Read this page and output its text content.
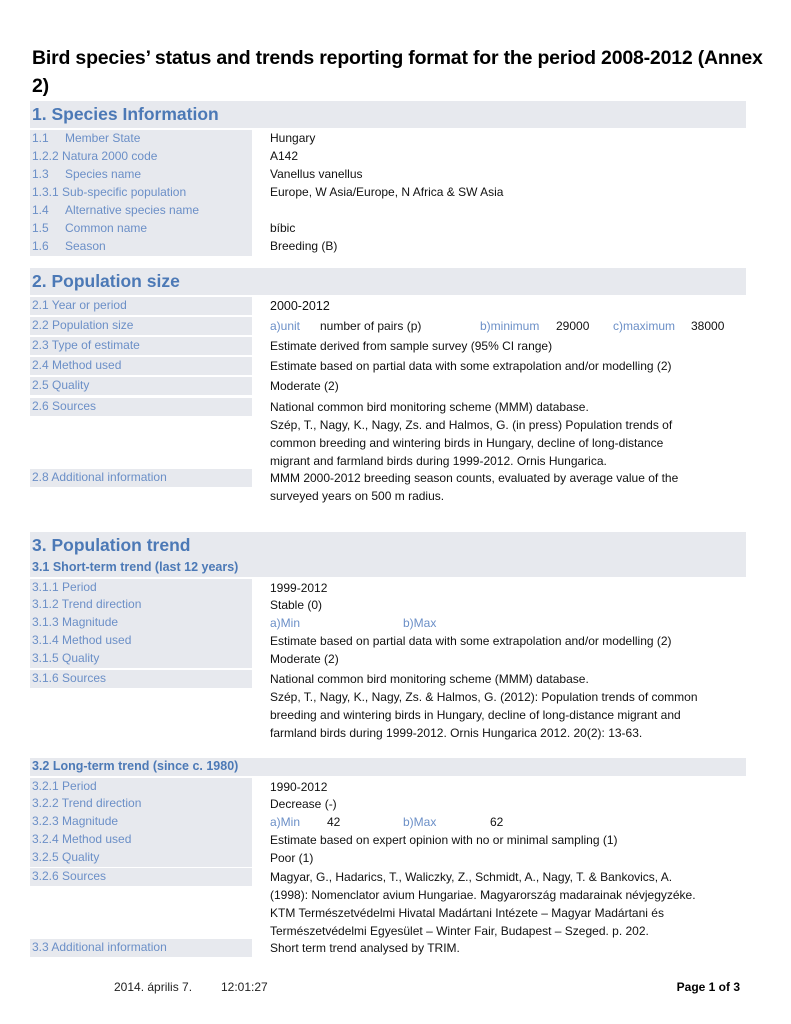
Bird species’ status and trends reporting format for the period 2008-2012 (Annex 2)
1. Species Information
1.1 Member State	Hungary
1.2.2 Natura 2000 code	A142
1.3 Species name	Vanellus vanellus
1.3.1 Sub-specific population	Europe, W Asia/Europe, N Africa & SW Asia
1.4 Alternative species name
1.5 Common name	bíbic
1.6 Season	Breeding (B)
2. Population size
2.1 Year or period	2000-2012
2.2 Population size	a)unit number of pairs (p)	b)minimum 29000 c)maximum 38000
2.3 Type of estimate	Estimate derived from sample survey (95% CI range)
2.4 Method used	Estimate based on partial data with some extrapolation and/or modelling (2)
2.5 Quality	Moderate (2)
2.6 Sources	National common bird monitoring scheme (MMM) database.
Szép, T., Nagy, K., Nagy, Zs. and Halmos, G. (in press) Population trends of
common breeding and wintering birds in Hungary, decline of long-distance
migrant and farmland birds during 1999-2012. Ornis Hungarica.
2.8 Additional information	MMM 2000-2012 breeding season counts, evaluated by average value of the
surveyed years on 500 m radius.
3. Population trend
3.1 Short-term trend (last 12 years)
3.1.1 Period	1999-2012
3.1.2 Trend direction	Stable (0)
3.1.3 Magnitude	a)Min	b)Max
3.1.4 Method used	Estimate based on partial data with some extrapolation and/or modelling (2)
3.1.5 Quality	Moderate (2)
3.1.6 Sources	National common bird monitoring scheme (MMM) database.
Szép, T., Nagy, K., Nagy, Zs. & Halmos, G. (2012): Population trends of common
breeding and wintering birds in Hungary, decline of long-distance migrant and
farmland birds during 1999-2012. Ornis Hungarica 2012. 20(2): 13-63.
3.2 Long-term trend (since c. 1980)
3.2.1 Period	1990-2012
3.2.2 Trend direction	Decrease (-)
3.2.3 Magnitude	a)Min 42	b)Max	62
3.2.4 Method used	Estimate based on expert opinion with no or minimal sampling (1)
3.2.5 Quality	Poor (1)
3.2.6 Sources	Magyar, G., Hadarics, T., Waliczky, Z., Schmidt, A., Nagy, T. & Bankovics, A.
(1998): Nomenclator avium Hungariae. Magyarország madarainak névjegyzéke.
KTM Természetvédelmi Hivatal Madártani Intézete – Magyar Madártani és
Természetvédelmi Egyesület – Winter Fair, Budapest – Szeged. p. 202.
3.3 Additional information	Short term trend analysed by TRIM.
2014. április 7. 12:01:27	Page 1 of 3
